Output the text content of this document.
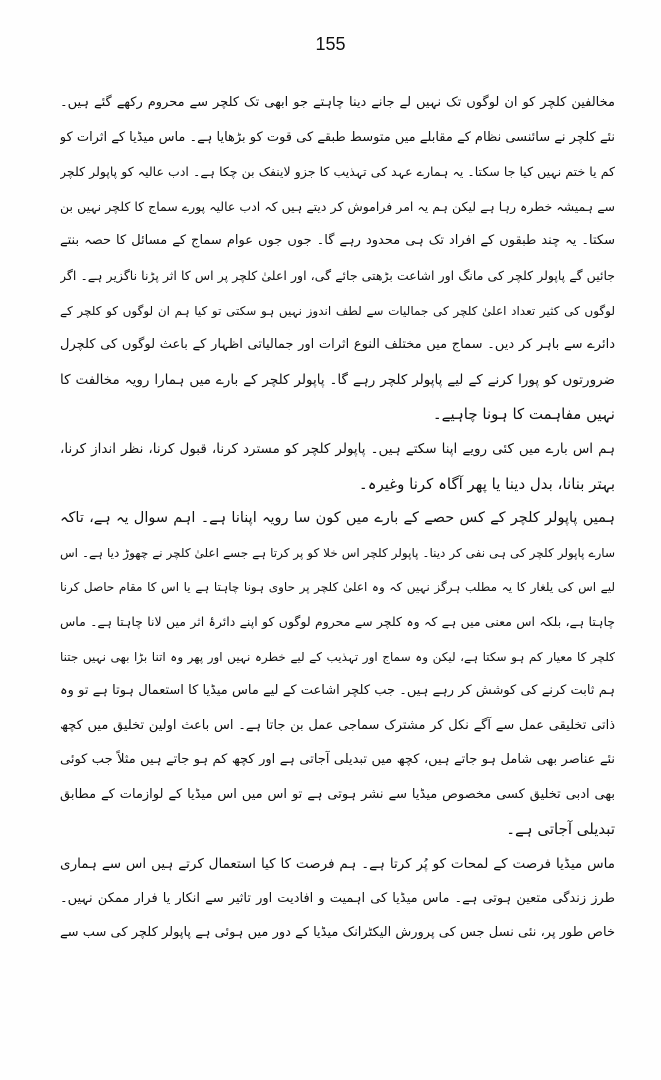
155
مخالفین کلچر کو ان لوگوں تک نہیں لے جانے دینا چاہتے جو ابھی تک کلچر سے محروم رکھے گئے ہیں۔
نئے کلچر نے سائنسی نظام کے مقابلے میں متوسط طبقے کی قوت کو بڑھایا ہے۔ ماس میڈیا کے اثرات کو
کم یا ختم نہیں کیا جا سکتا۔ یہ ہمارے عہد کی تہذیب کا جزو لاینفک بن چکا ہے۔ ادب عالیہ کو پاپولر کلچر
سے ہمیشہ خطرہ رہا ہے لیکن ہم یہ امر فراموش کر دیتے ہیں کہ ادب عالیہ پورے سماج کا کلچر نہیں بن
سکتا۔ یہ چند طبقوں کے افراد تک ہی محدود رہے گا۔ جوں جوں عوام سماج کے مسائل کا حصہ بنتے
جائیں گے پاپولر کلچر کی مانگ اور اشاعت بڑھتی جائے گی، اور اعلیٰ کلچر پر اس کا اثر پڑنا ناگزیر ہے۔ اگر
لوگوں کی کثیر تعداد اعلیٰ کلچر کی جمالیات سے لطف اندوز نہیں ہو سکتی تو کیا ہم ان لوگوں کو کلچر کے
دائرے سے باہر کر دیں۔ سماج میں مختلف النوع اثرات اور جمالیاتی اظہار کے باعث لوگوں کی کلچرل
ضرورتوں کو پورا کرنے کے لیے پاپولر کلچر رہے گا۔ پاپولر کلچر کے بارے میں ہمارا رویہ مخالفت کا
نہیں مفاہمت کا ہونا چاہیے۔
ہم اس بارے میں کئی رویے اپنا سکتے ہیں۔ پاپولر کلچر کو مسترد کرنا، قبول کرنا، نظر انداز کرنا،
بہتر بنانا، بدل دینا یا پھر آگاہ کرنا وغیرہ۔
ہمیں پاپولر کلچر کے کس حصے کے بارے میں کون سا رویہ اپنانا ہے۔ اہم سوال یہ ہے، تاکہ
سارے پاپولر کلچر کی ہی نفی کر دینا۔ پاپولر کلچر اس خلا کو پر کرتا ہے جسے اعلیٰ کلچر نے چھوڑ دیا ہے۔ اس
لیے اس کی یلغار کا یہ مطلب ہرگز نہیں کہ وہ اعلیٰ کلچر پر حاوی ہونا چاہتا ہے یا اس کا مقام حاصل کرنا
چاہتا ہے، بلکہ اس معنی میں ہے کہ وہ کلچر سے محروم لوگوں کو اپنے دائرۂ اثر میں لانا چاہتا ہے۔ ماس
کلچر کا معیار کم ہو سکتا ہے، لیکن وہ سماج اور تہذیب کے لیے خطرہ نہیں اور پھر وہ اتنا بڑا بھی نہیں جتنا
ہم ثابت کرنے کی کوشش کر رہے ہیں۔ جب کلچر اشاعت کے لیے ماس میڈیا کا استعمال ہوتا ہے تو وہ
ذاتی تخلیقی عمل سے آگے نکل کر مشترک سماجی عمل بن جاتا ہے۔ اس باعث اولین تخلیق میں کچھ
نئے عناصر بھی شامل ہو جاتے ہیں، کچھ میں تبدیلی آجاتی ہے اور کچھ کم ہو جاتے ہیں مثلاً جب کوئی
بھی ادبی تخلیق کسی مخصوص میڈیا سے نشر ہوتی ہے تو اس میں اس میڈیا کے لوازمات کے مطابق
تبدیلی آجاتی ہے۔
ماس میڈیا فرصت کے لمحات کو پُر کرتا ہے۔ ہم فرصت کا کیا استعمال کرتے ہیں اس سے ہماری
طرز زندگی متعین ہوتی ہے۔ ماس میڈیا کی اہمیت و افادیت اور تاثیر سے انکار یا فرار ممکن نہیں۔
خاص طور پر، نئی نسل جس کی پرورش الیکٹرانک میڈیا کے دور میں ہوئی ہے پاپولر کلچر کی سب سے
